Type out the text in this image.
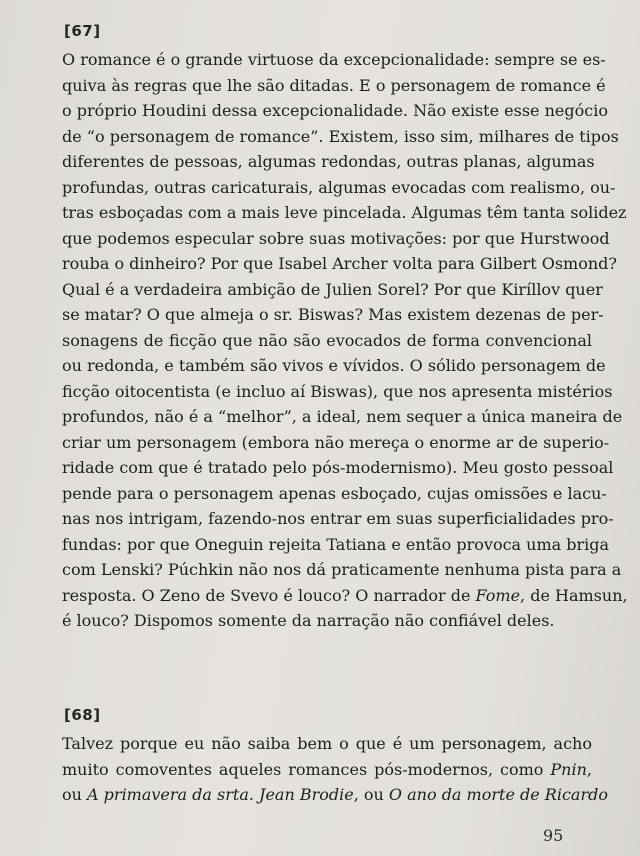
[67]
O romance é o grande virtuose da excepcionalidade: sempre se es-
quiva às regras que lhe são ditadas. E o personagem de romance é
o próprio Houdini dessa excepcionalidade. Não existe esse negócio
de “o personagem de romance”. Existem, isso sim, milhares de tipos
diferentes de pessoas, algumas redondas, outras planas, algumas
profundas, outras caricaturais, algumas evocadas com realismo, ou-
tras esboçadas com a mais leve pincelada. Algumas têm tanta solidez
que podemos especular sobre suas motivações: por que Hurstwood
rouba o dinheiro? Por que Isabel Archer volta para Gilbert Osmond?
Qual é a verdadeira ambição de Julien Sorel? Por que Kiríllov quer
se matar? O que almeja o sr. Biswas? Mas existem dezenas de per-
sonagens de ficção que não são evocados de forma convencional
ou redonda, e também são vivos e vívidos. O sólido personagem de
ficção oitocentista (e incluo aí Biswas), que nos apresenta mistérios
profundos, não é a “melhor”, a ideal, nem sequer a única maneira de
criar um personagem (embora não mereça o enorme ar de superio-
ridade com que é tratado pelo pós-modernismo). Meu gosto pessoal
pende para o personagem apenas esboçado, cujas omissões e lacu-
nas nos intrigam, fazendo-nos entrar em suas superficialidades pro-
fundas: por que Oneguin rejeita Tatiana e então provoca uma briga
com Lenski? Púchkin não nos dá praticamente nenhuma pista para a
resposta. O Zeno de Svevo é louco? O narrador de Fome, de Hamsun,
é louco? Dispomos somente da narração não confiável deles.
[68]
Talvez porque eu não saiba bem o que é um personagem, acho
muito comoventes aqueles romances pós-modernos, como Pnin,
ou A primavera da srta. Jean Brodie, ou O ano da morte de Ricardo
95
